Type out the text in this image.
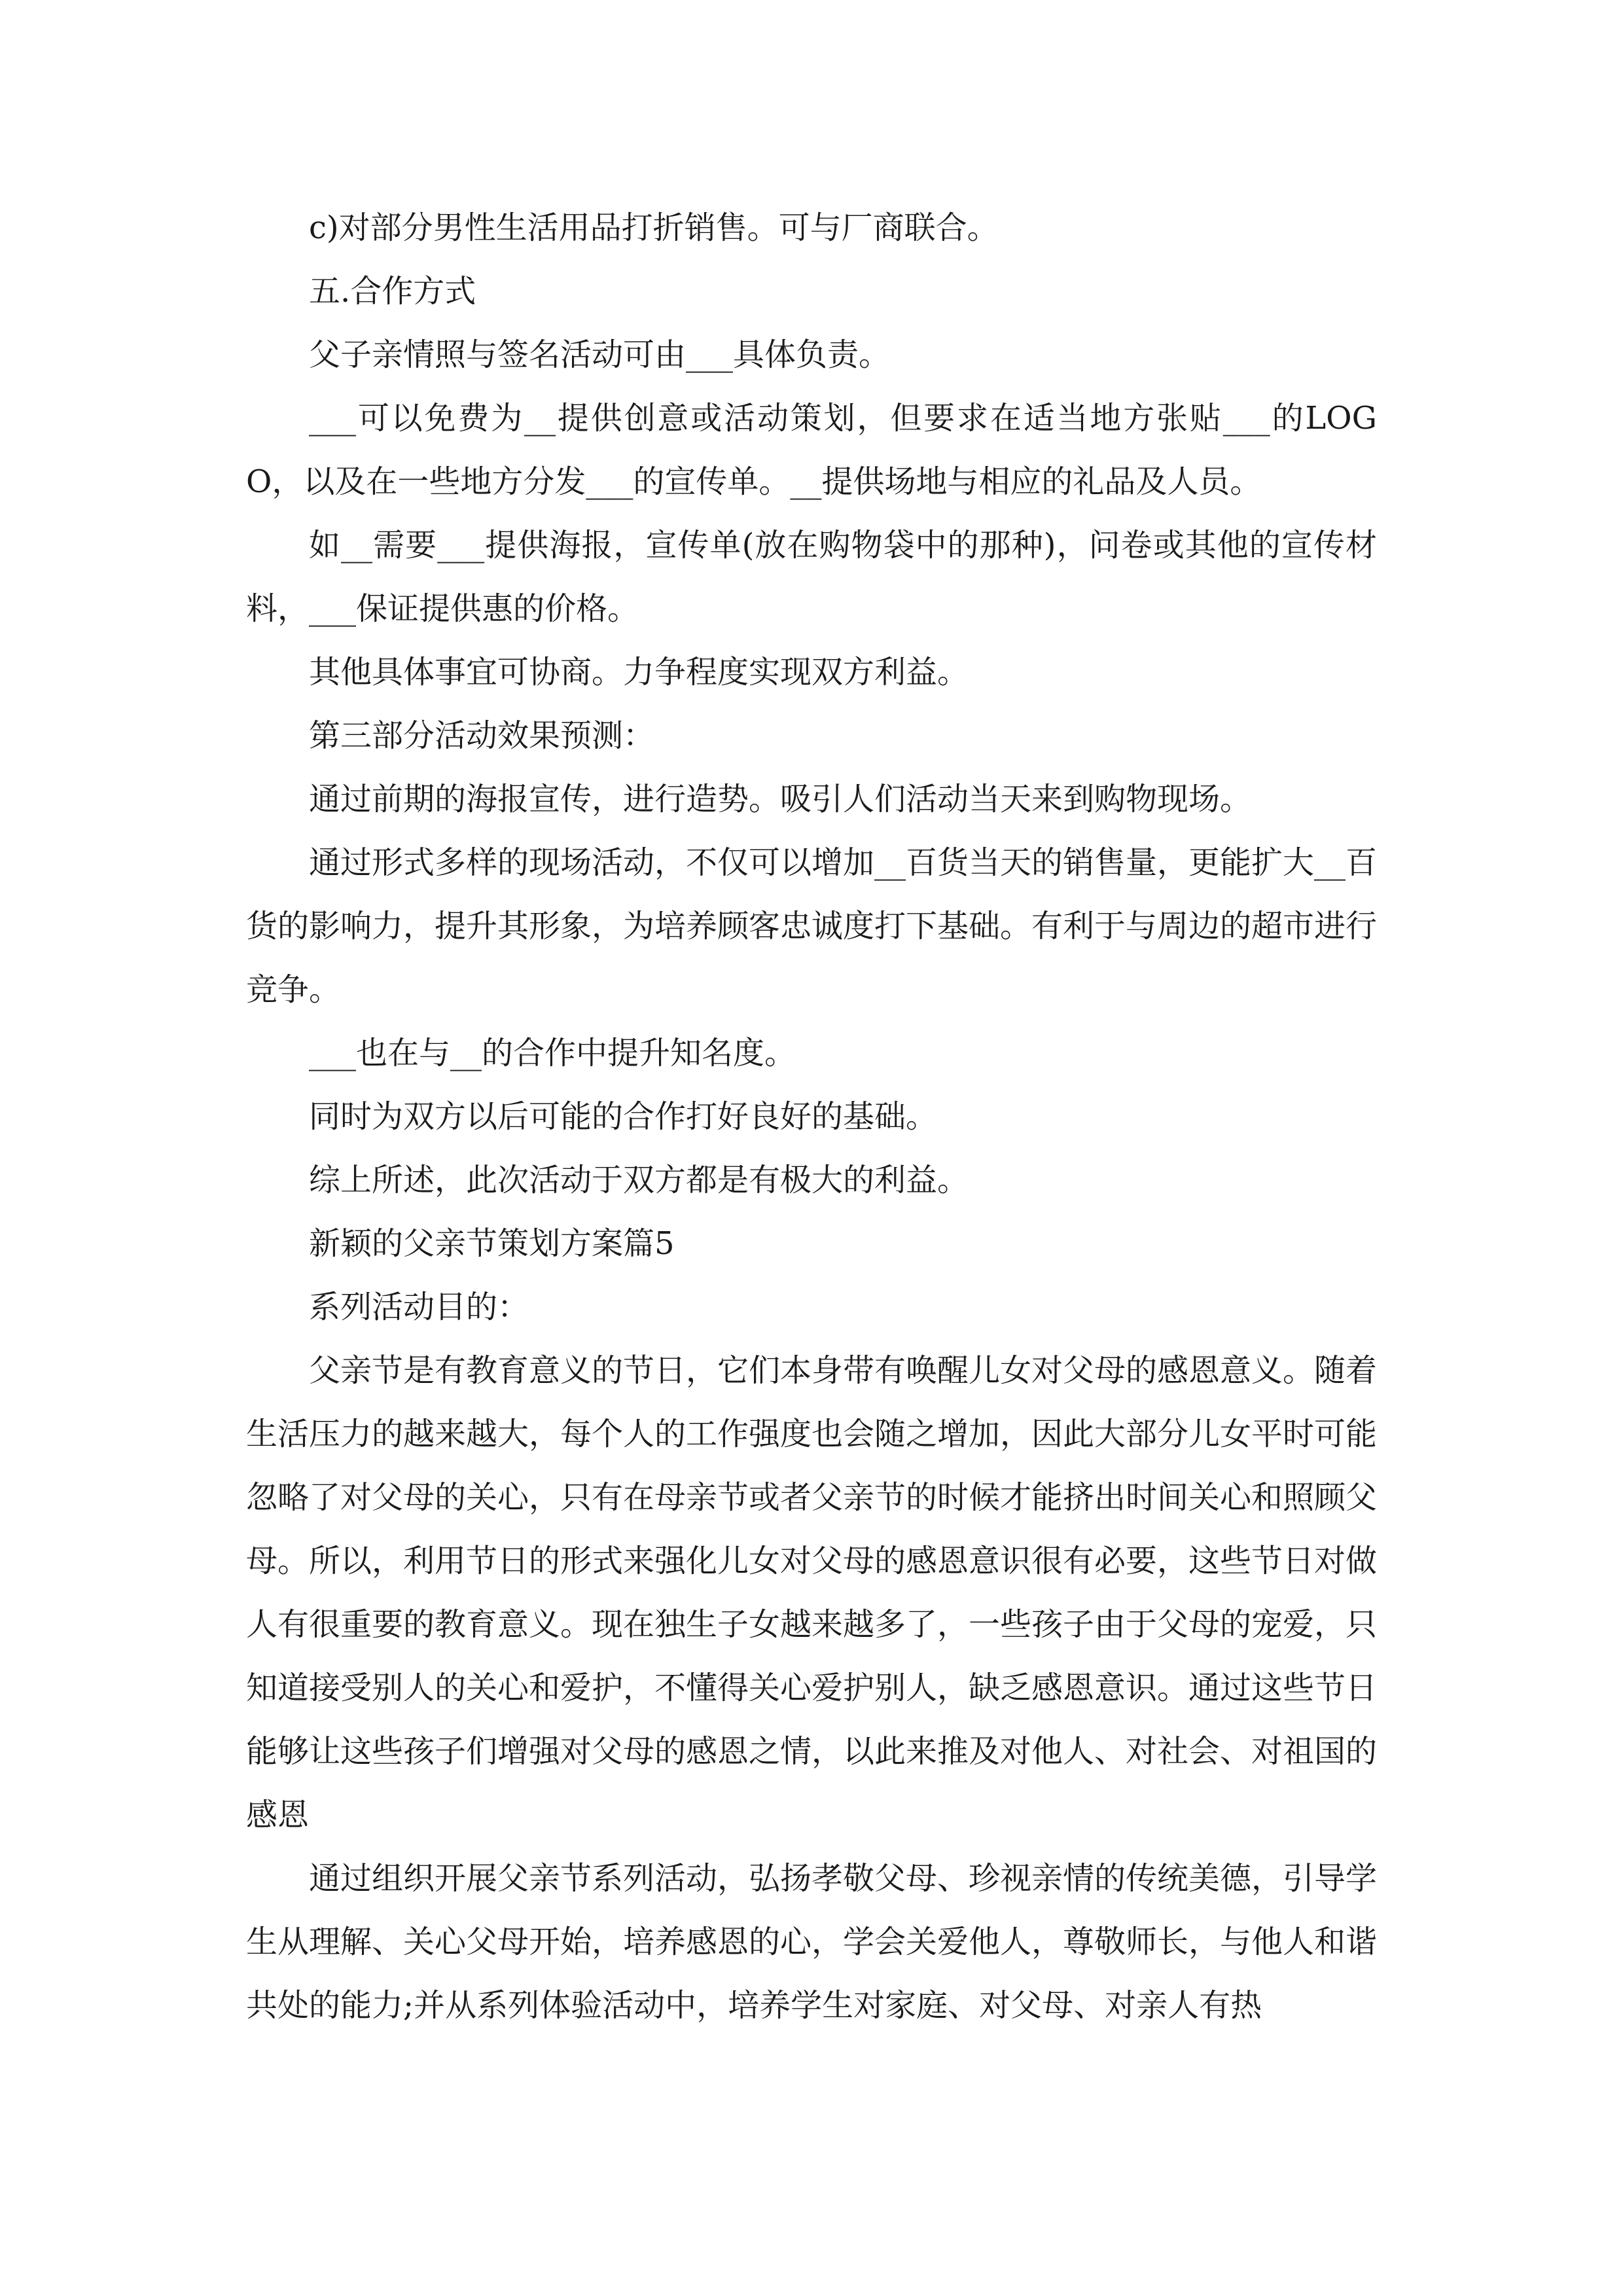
c)对部分男性生活用品打折销售。可与厂商联合。

五.合作方式

父子亲情照与签名活动可由___具体负责。

___可以免费为__提供创意或活动策划，但要求在适当地方张贴___的LOGO，以及在一些地方分发___的宣传单。__提供场地与相应的礼品及人员。

如__需要___提供海报，宣传单(放在购物袋中的那种)，问卷或其他的宣传材料，___保证提供惠的价格。

其他具体事宜可协商。力争程度实现双方利益。

第三部分活动效果预测：

通过前期的海报宣传，进行造势。吸引人们活动当天来到购物现场。

通过形式多样的现场活动，不仅可以增加__百货当天的销售量，更能扩大__百货的影响力，提升其形象，为培养顾客忠诚度打下基础。有利于与周边的超市进行竞争。

___也在与__的合作中提升知名度。

同时为双方以后可能的合作打好良好的基础。

综上所述，此次活动于双方都是有极大的利益。

新颖的父亲节策划方案篇5

系列活动目的：

父亲节是有教育意义的节日，它们本身带有唤醒儿女对父母的感恩意义。随着生活压力的越来越大，每个人的工作强度也会随之增加，因此大部分儿女平时可能忽略了对父母的关心，只有在母亲节或者父亲节的时候才能挤出时间关心和照顾父母。所以，利用节日的形式来强化儿女对父母的感恩意识很有必要，这些节日对做人有很重要的教育意义。现在独生子女越来越多了，一些孩子由于父母的宠爱，只知道接受别人的关心和爱护，不懂得关心爱护别人，缺乏感恩意识。通过这些节日能够让这些孩子们增强对父母的感恩之情，以此来推及对他人、对社会、对祖国的感恩

通过组织开展父亲节系列活动，弘扬孝敬父母、珍视亲情的传统美德，引导学生从理解、关心父母开始，培养感恩的心，学会关爱他人，尊敬师长，与他人和谐共处的能力;并从系列体验活动中，培养学生对家庭、对父母、对亲人有热
